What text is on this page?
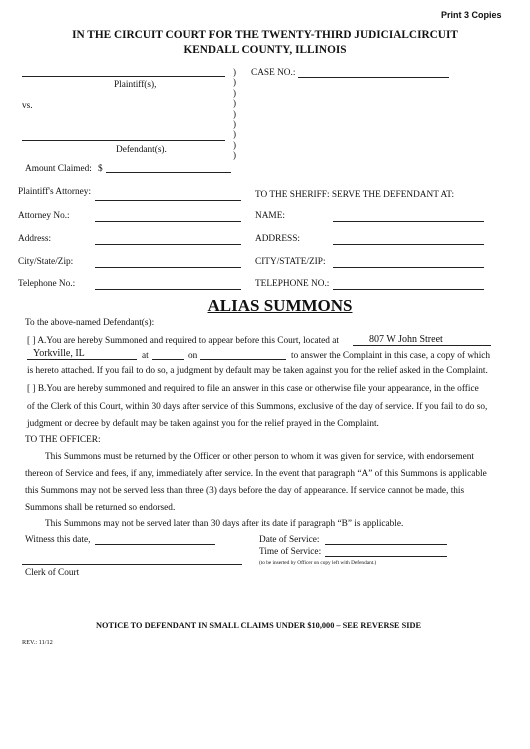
Print 3 Copies
IN THE CIRCUIT COURT FOR THE TWENTY-THIRD JUDICIALCIRCUIT
KENDALL COUNTY, ILLINOIS
Plaintiff(s),
vs.
Defendant(s).
)
)
)
)
)
)
)
)
)
CASE NO.:
Amount Claimed: $
Plaintiff's Attorney:	TO THE SHERIFF: SERVE THE DEFENDANT AT:
Attorney No.:	NAME:
Address:	ADDRESS:
City/State/Zip:	CITY/STATE/ZIP:
Telephone No.:	TELEPHONE NO.:
ALIAS SUMMONS
To the above-named Defendant(s):
[ ] A.You are hereby Summoned and required to appear before this Court, located at	807 W John Street
Yorkville, IL	at	on	to answer the Complaint in this case, a copy of which
is hereto attached. If you fail to do so, a judgment by default may be taken against you for the relief asked in the Complaint.
[ ] B.You are hereby summoned and required to file an answer in this case or otherwise file your appearance, in the office
of the Clerk of this Court, within 30 days after service of this Summons, exclusive of the day of service. If you fail to do so,
judgment or decree by default may be taken against you for the relief prayed in the Complaint.
TO THE OFFICER:
This Summons must be returned by the Officer or other person to whom it was given for service, with endorsement
thereon of Service and fees, if any, immediately after service. In the event that paragraph “A” of this Summons is applicable
this Summons may not be served less than three (3) days before the day of appearance. If service cannot be made, this
Summons shall be returned so endorsed.
This Summons may not be served later than 30 days after its date if paragraph “B” is applicable.
Witness this date,	Date of Service:
Time of Service:
(to be inserted by Officer on copy left with Defendant.)
Clerk of Court
NOTICE TO DEFENDANT IN SMALL CLAIMS UNDER $10,000 – SEE REVERSE SIDE
REV.: 11/12
